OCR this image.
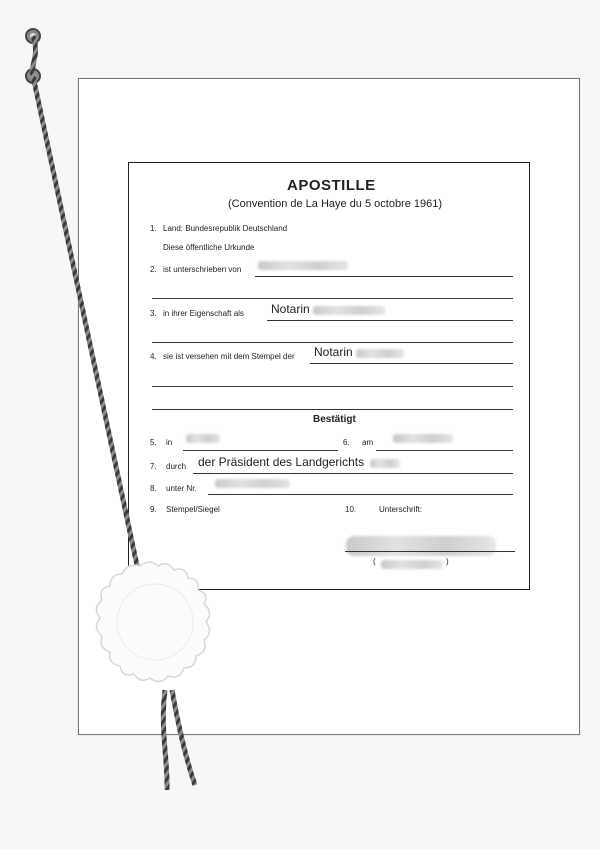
APOSTILLE
(Convention de La Haye du 5 octobre 1961)
1. Land: Bundesrepublik Deutschland
Diese öffentliche Urkunde
2. ist unterschrieben von
3. in ihrer Eigenschaft als Notarin
4. sie ist versehen mit dem Stempel der Notarin
Bestätigt
5. in	6. am
7. durch der Präsident des Landgerichts
8. unter Nr.
9. Stempel/Siegel	10.	Unterschrift:
(	)
